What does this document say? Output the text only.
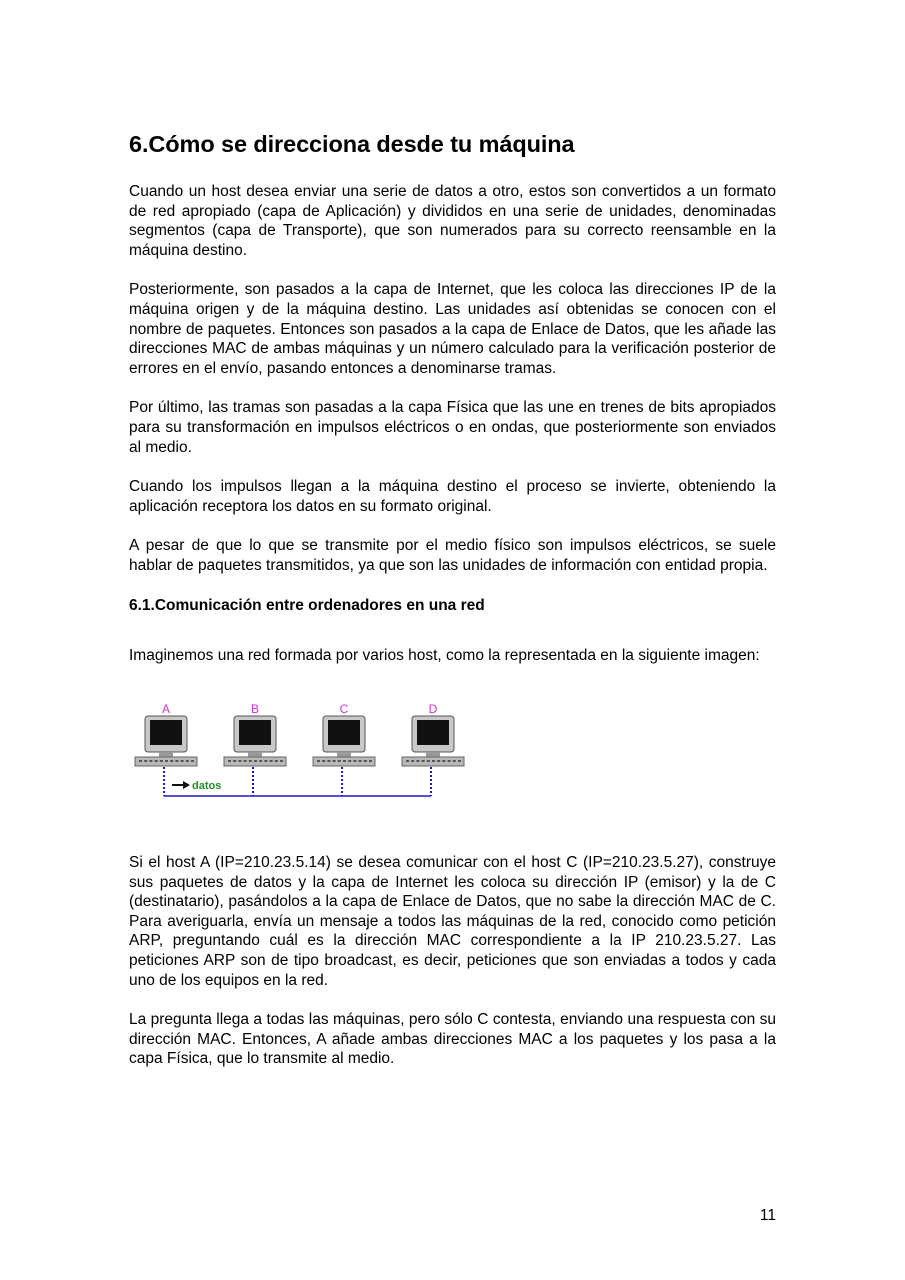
6.Cómo se direcciona desde tu máquina

Cuando un host desea enviar una serie de datos a otro, estos son convertidos a un formato de red apropiado (capa de Aplicación) y divididos en una serie de unidades, denominadas segmentos (capa de Transporte), que son numerados para su correcto reensamble en la máquina destino.

Posteriormente, son pasados a la capa de Internet, que les coloca las direcciones IP de la máquina origen y de la máquina destino. Las unidades así obtenidas se conocen con el nombre de paquetes. Entonces son pasados a la capa de Enlace de Datos, que les añade las direcciones MAC de ambas máquinas y un número calculado para la verificación posterior de errores en el envío, pasando entonces a denominarse tramas.

Por último, las tramas son pasadas a la capa Física que las une en trenes de bits apropiados para su transformación en impulsos eléctricos o en ondas, que posteriormente son enviados al medio.

Cuando los impulsos llegan a la máquina destino el proceso se invierte, obteniendo la aplicación receptora los datos en su formato original.

A pesar de que lo que se transmite por el medio físico son impulsos eléctricos, se suele hablar de paquetes transmitidos, ya que son las unidades de información con entidad propia.

6.1.Comunicación entre ordenadores en una red

Imaginemos una red formada por varios host, como la representada en la siguiente imagen:

A	B	C	D
datos

Si el host A (IP=210.23.5.14) se desea comunicar con el host C (IP=210.23.5.27), construye sus paquetes de datos y la capa de Internet les coloca su dirección IP (emisor) y la de C (destinatario), pasándolos a la capa de Enlace de Datos, que no sabe la dirección MAC de C. Para averiguarla, envía un mensaje a todos las máquinas de la red, conocido como petición ARP, preguntando cuál es la dirección MAC correspondiente a la IP 210.23.5.27. Las peticiones ARP son de tipo broadcast, es decir, peticiones que son enviadas a todos y cada uno de los equipos en la red.

La pregunta llega a todas las máquinas, pero sólo C contesta, enviando una respuesta con su dirección MAC. Entonces, A añade ambas direcciones MAC a los paquetes y los pasa a la capa Física, que lo transmite al medio.

11
